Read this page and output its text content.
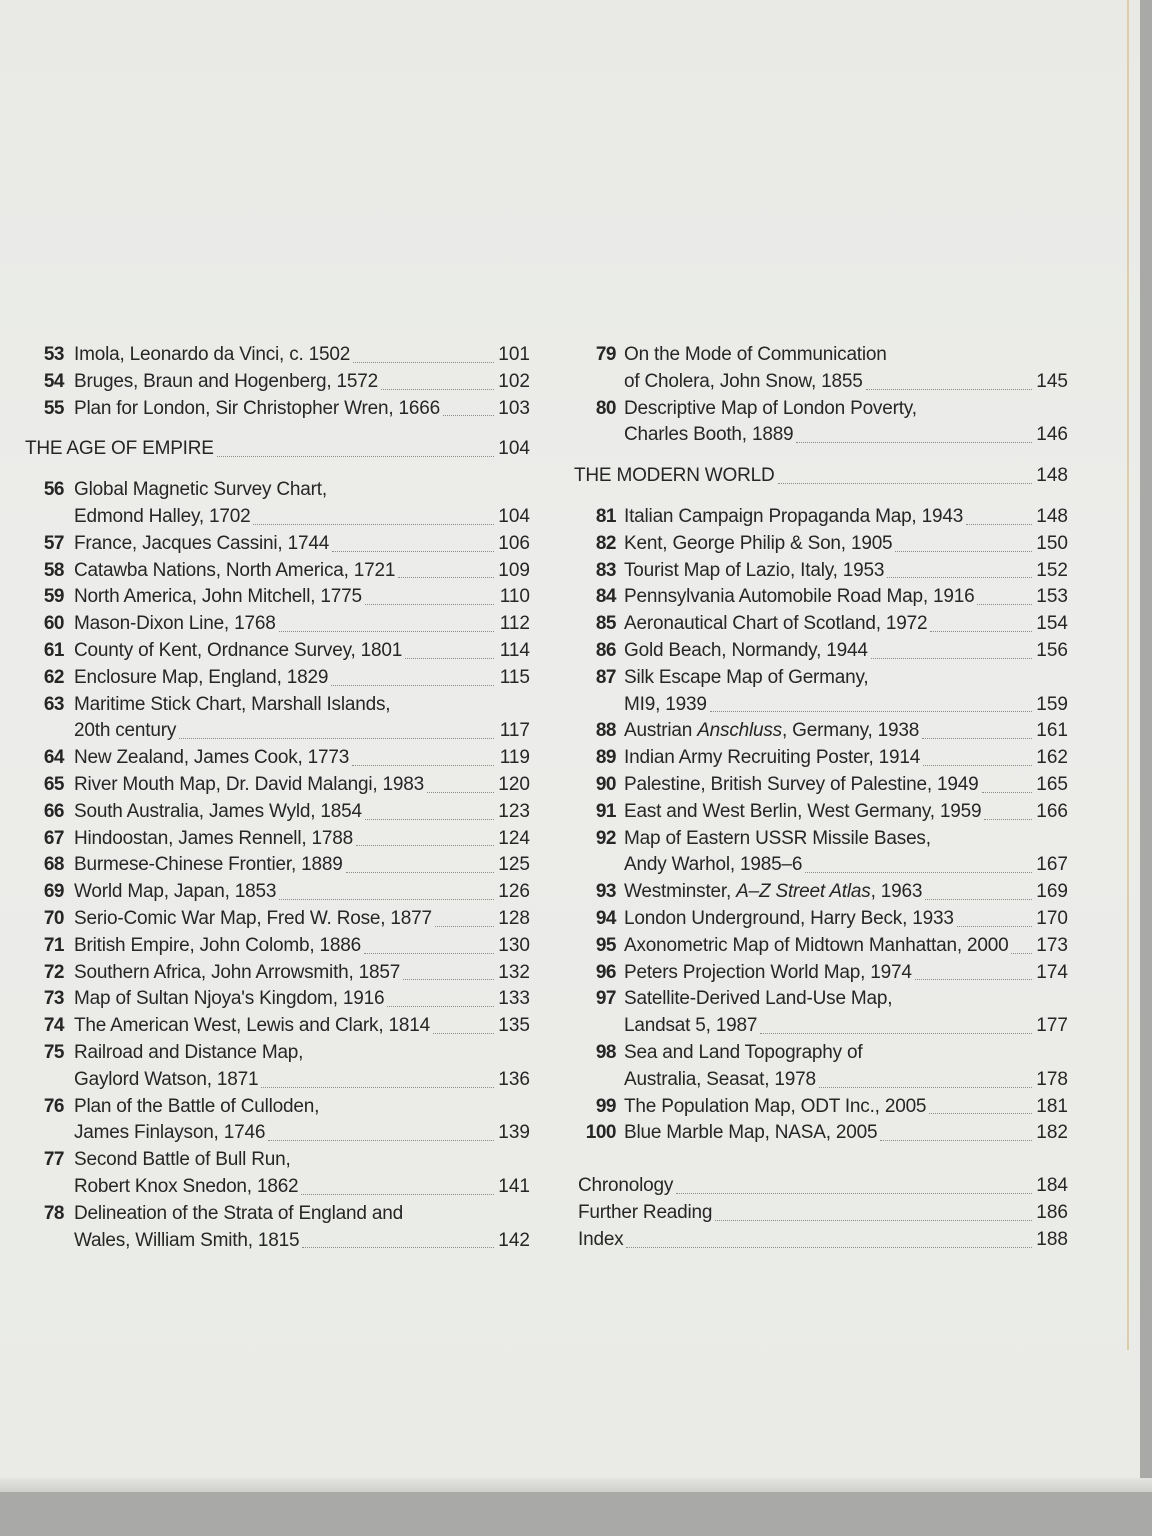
53 Imola, Leonardo da Vinci, c. 1502	101
54 Bruges, Braun and Hogenberg, 1572	102
55 Plan for London, Sir Christopher Wren, 1666	103
THE AGE OF EMPIRE	104
56 Global Magnetic Survey Chart,
Edmond Halley, 1702	104
57 France, Jacques Cassini, 1744	106
58 Catawba Nations, North America, 1721	109
59 North America, John Mitchell, 1775	110
60 Mason-Dixon Line, 1768	112
61 County of Kent, Ordnance Survey, 1801	114
62 Enclosure Map, England, 1829	115
63 Maritime Stick Chart, Marshall Islands,
20th century	117
64 New Zealand, James Cook, 1773	119
65 River Mouth Map, Dr. David Malangi, 1983	120
66 South Australia, James Wyld, 1854	123
67 Hindoostan, James Rennell, 1788	124
68 Burmese-Chinese Frontier, 1889	125
69 World Map, Japan, 1853	126
70 Serio-Comic War Map, Fred W. Rose, 1877	128
71 British Empire, John Colomb, 1886	130
72 Southern Africa, John Arrowsmith, 1857	132
73 Map of Sultan Njoya's Kingdom, 1916	133
74 The American West, Lewis and Clark, 1814	135
75 Railroad and Distance Map,
Gaylord Watson, 1871	136
76 Plan of the Battle of Culloden,
James Finlayson, 1746	139
77 Second Battle of Bull Run,
Robert Knox Snedon, 1862	141
78 Delineation of the Strata of England and
Wales, William Smith, 1815	142
79 On the Mode of Communication
of Cholera, John Snow, 1855	145
80 Descriptive Map of London Poverty,
Charles Booth, 1889	146
THE MODERN WORLD	148
81 Italian Campaign Propaganda Map, 1943	148
82 Kent, George Philip & Son, 1905	150
83 Tourist Map of Lazio, Italy, 1953	152
84 Pennsylvania Automobile Road Map, 1916	153
85 Aeronautical Chart of Scotland, 1972	154
86 Gold Beach, Normandy, 1944	156
87 Silk Escape Map of Germany,
MI9, 1939	159
88 Austrian Anschluss, Germany, 1938	161
89 Indian Army Recruiting Poster, 1914	162
90 Palestine, British Survey of Palestine, 1949	165
91 East and West Berlin, West Germany, 1959	166
92 Map of Eastern USSR Missile Bases,
Andy Warhol, 1985–6	167
93 Westminster, A–Z Street Atlas, 1963	169
94 London Underground, Harry Beck, 1933	170
95 Axonometric Map of Midtown Manhattan, 2000 173
96 Peters Projection World Map, 1974	174
97 Satellite-Derived Land-Use Map,
Landsat 5, 1987	177
98 Sea and Land Topography of
Australia, Seasat, 1978	178
99 The Population Map, ODT Inc., 2005	181
100 Blue Marble Map, NASA, 2005	182
Chronology	184
Further Reading	186
Index	188
